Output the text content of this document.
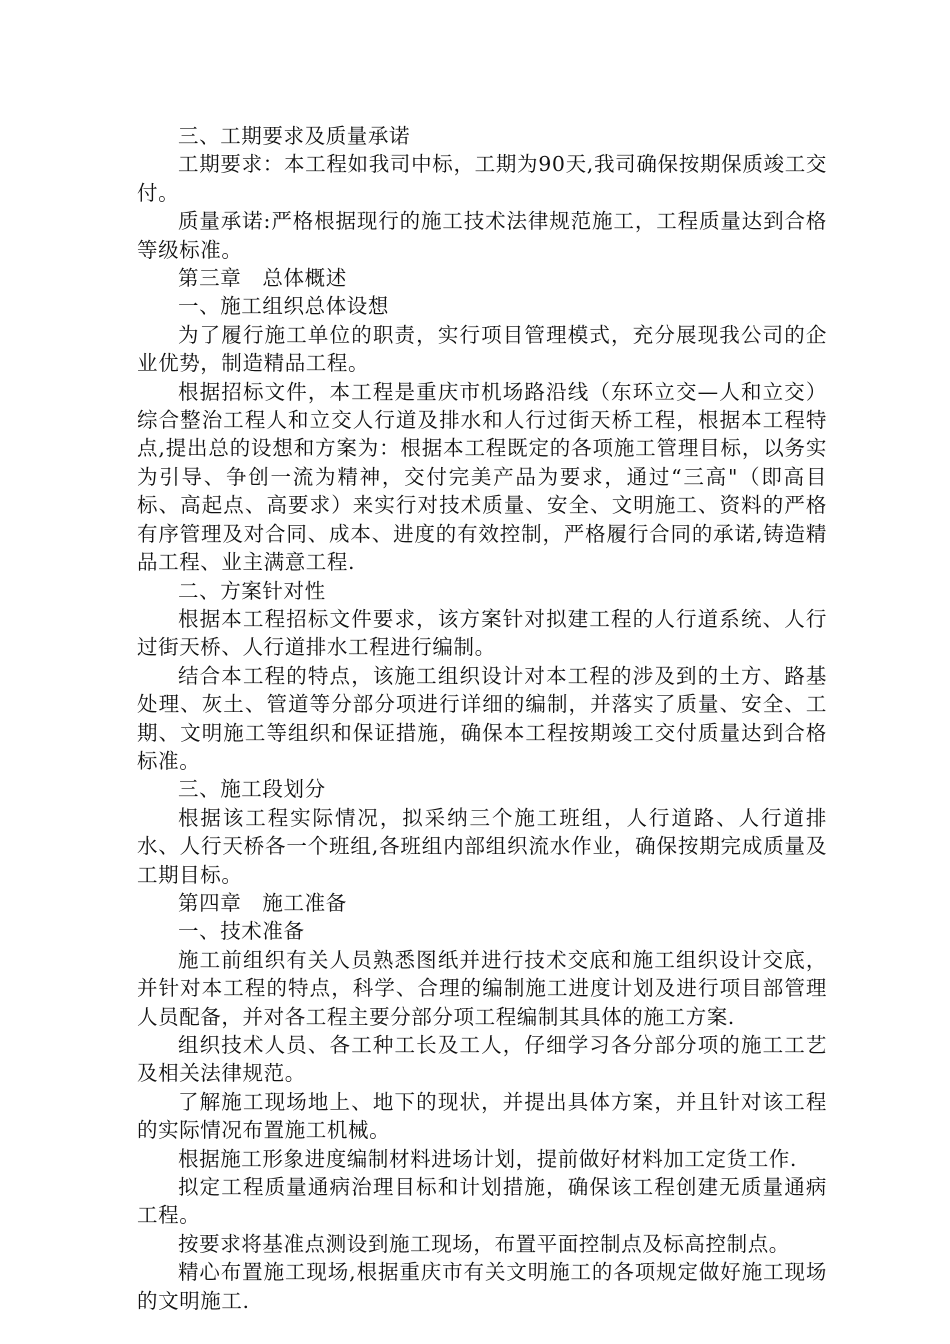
三、工期要求及质量承诺

工期要求：本工程如我司中标，工期为90天,我司确保按期保质竣工交付。

质量承诺:严格根据现行的施工技术法律规范施工，工程质量达到合格等级标准。

第三章　总体概述

一、施工组织总体设想

为了履行施工单位的职责，实行项目管理模式，充分展现我公司的企业优势，制造精品工程。

根据招标文件，本工程是重庆市机场路沿线（东环立交—人和立交）综合整治工程人和立交人行道及排水和人行过街天桥工程，根据本工程特点,提出总的设想和方案为：根据本工程既定的各项施工管理目标，以务实为引导、争创一流为精神，交付完美产品为要求，通过“三高"（即高目标、高起点、高要求）来实行对技术质量、安全、文明施工、资料的严格有序管理及对合同、成本、进度的有效控制，严格履行合同的承诺,铸造精品工程、业主满意工程.

二、方案针对性

根据本工程招标文件要求，该方案针对拟建工程的人行道系统、人行过街天桥、人行道排水工程进行编制。

结合本工程的特点，该施工组织设计对本工程的涉及到的土方、路基处理、灰土、管道等分部分项进行详细的编制，并落实了质量、安全、工期、文明施工等组织和保证措施，确保本工程按期竣工交付质量达到合格标准。

三、施工段划分

根据该工程实际情况，拟采纳三个施工班组，人行道路、人行道排水、人行天桥各一个班组,各班组内部组织流水作业，确保按期完成质量及工期目标。

第四章　施工准备

一、技术准备

施工前组织有关人员熟悉图纸并进行技术交底和施工组织设计交底，并针对本工程的特点，科学、合理的编制施工进度计划及进行项目部管理人员配备，并对各工程主要分部分项工程编制其具体的施工方案.

组织技术人员、各工种工长及工人，仔细学习各分部分项的施工工艺及相关法律规范。

了解施工现场地上、地下的现状，并提出具体方案，并且针对该工程的实际情况布置施工机械。

根据施工形象进度编制材料进场计划，提前做好材料加工定货工作.

拟定工程质量通病治理目标和计划措施，确保该工程创建无质量通病工程。

按要求将基准点测设到施工现场，布置平面控制点及标高控制点。

精心布置施工现场,根据重庆市有关文明施工的各项规定做好施工现场的文明施工.
